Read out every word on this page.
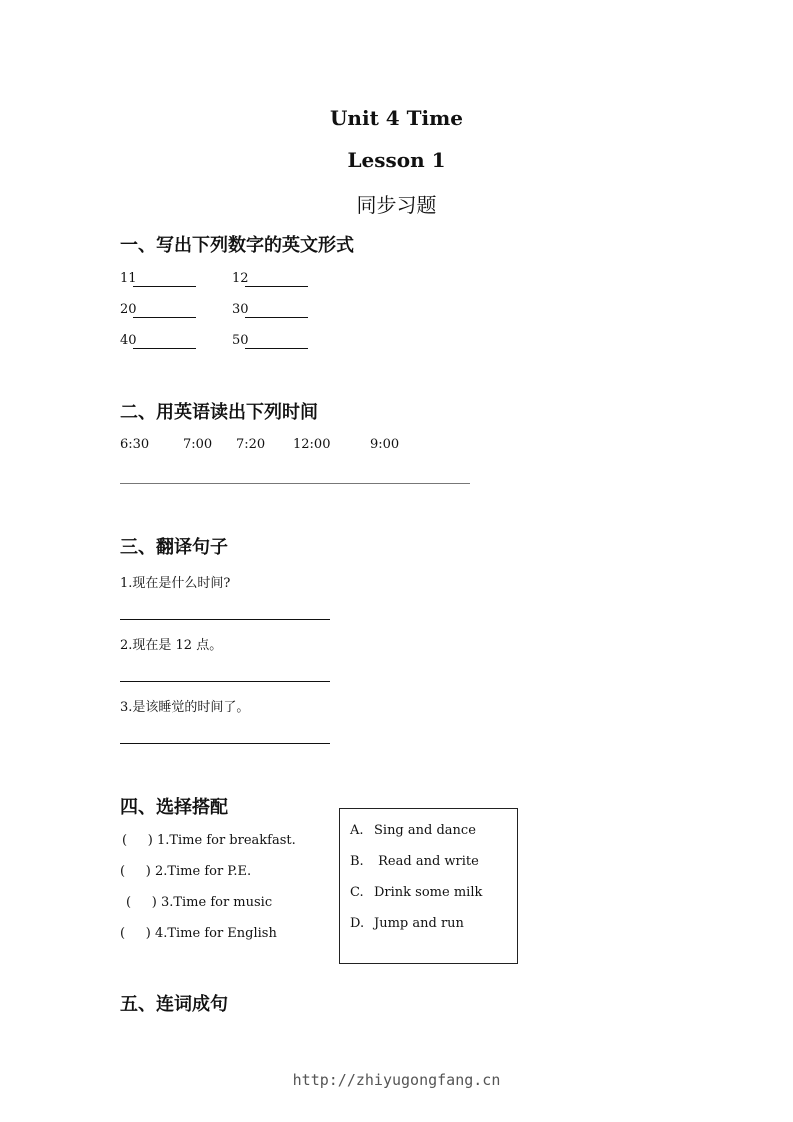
Unit 4 Time
Lesson 1
同步习题
一、写出下列数字的英文形式
11	12
20	30
40	50
二、用英语读出下列时间
6:30	7:00 7:20 12:00	9:00
三、翻译句子
1.现在是什么时间?
2.现在是 12 点。
3.是该睡觉的时间了。
四、选择搭配
(     ) 1.Time for breakfast.
(     ) 2.Time for P.E.
(     ) 3.Time for music
(     ) 4.Time for English
A. Sing and dance
B. Read and write
C. Drink some milk
D. Jump and run
五、连词成句
http://zhiyugongfang.cn
